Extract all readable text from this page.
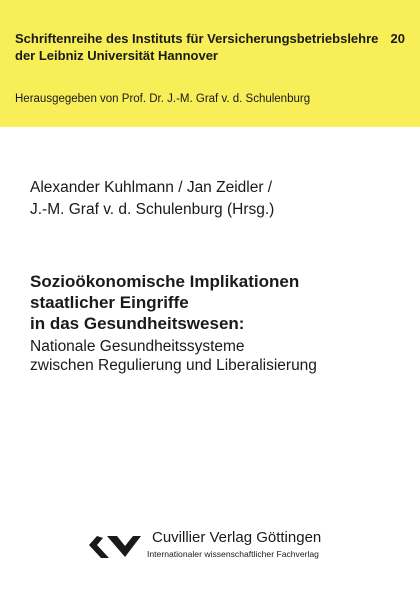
Schriftenreihe des Instituts für Versicherungsbetriebslehre
der Leibniz Universität Hannover
20
Herausgegeben von Prof. Dr. J.-M. Graf v. d. Schulenburg
Alexander Kuhlmann / Jan Zeidler /
J.-M. Graf v. d. Schulenburg (Hrsg.)
Sozioökonomische Implikationen
staatlicher Eingriffe
in das Gesundheitswesen:
Nationale Gesundheitssysteme
zwischen Regulierung und Liberalisierung
Cuvillier Verlag Göttingen
Internationaler wissenschaftlicher Fachverlag
